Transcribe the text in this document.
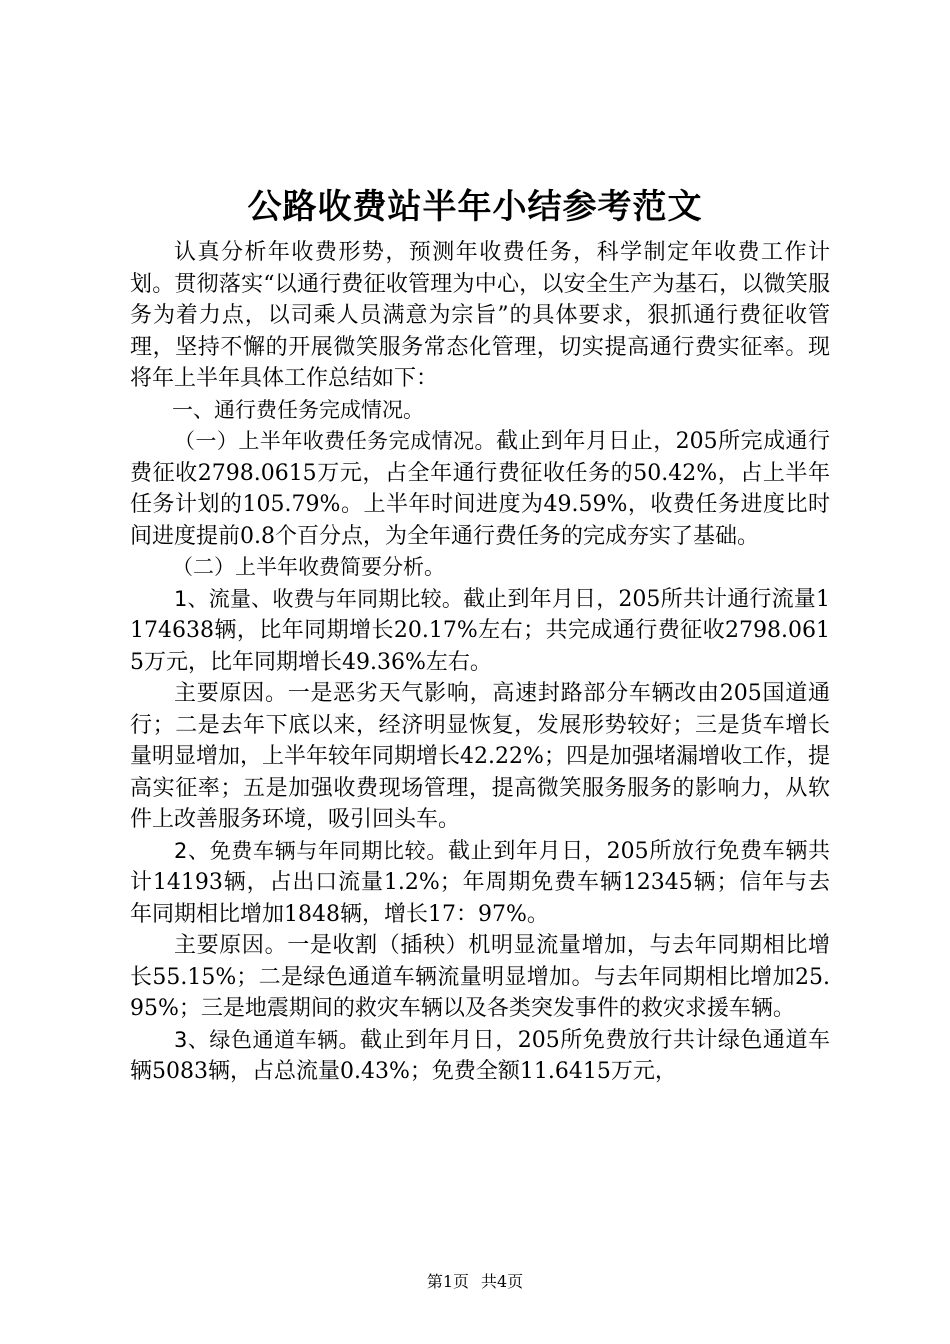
公路收费站半年小结参考范文

认真分析年收费形势，预测年收费任务，科学制定年收费工作计划。贯彻落实“以通行费征收管理为中心，以安全生产为基石，以微笑服务为着力点，以司乘人员满意为宗旨”的具体要求，狠抓通行费征收管理，坚持不懈的开展微笑服务常态化管理，切实提高通行费实征率。现将年上半年具体工作总结如下：

一、通行费任务完成情况。

（一）上半年收费任务完成情况。截止到年月日止，205所完成通行费征收2798.0615万元，占全年通行费征收任务的50.42%，占上半年任务计划的105.79%。上半年时间进度为49.59%，收费任务进度比时间进度提前0.8个百分点，为全年通行费任务的完成夯实了基础。

（二）上半年收费简要分析。

1、流量、收费与年同期比较。截止到年月日，205所共计通行流量1174638辆，比年同期增长20.17%左右；共完成通行费征收2798.0615万元，比年同期增长49.36%左右。

主要原因。一是恶劣天气影响，高速封路部分车辆改由205国道通行；二是去年下底以来，经济明显恢复，发展形势较好；三是货车增长量明显增加，上半年较年同期增长42.22%；四是加强堵漏增收工作，提高实征率；五是加强收费现场管理，提高微笑服务服务的影响力，从软件上改善服务环境，吸引回头车。

2、免费车辆与年同期比较。截止到年月日，205所放行免费车辆共计14193辆，占出口流量1.2%；年周期免费车辆12345辆；信年与去年同期相比增加1848辆，增长17：97%。

主要原因。一是收割（插秧）机明显流量增加，与去年同期相比增长55.15%；二是绿色通道车辆流量明显增加。与去年同期相比增加25.95%；三是地震期间的救灾车辆以及各类突发事件的救灾求援车辆。

3、绿色通道车辆。截止到年月日，205所免费放行共计绿色通道车辆5083辆，占总流量0.43%；免费全额11.6415万元，

第1页 共4页
